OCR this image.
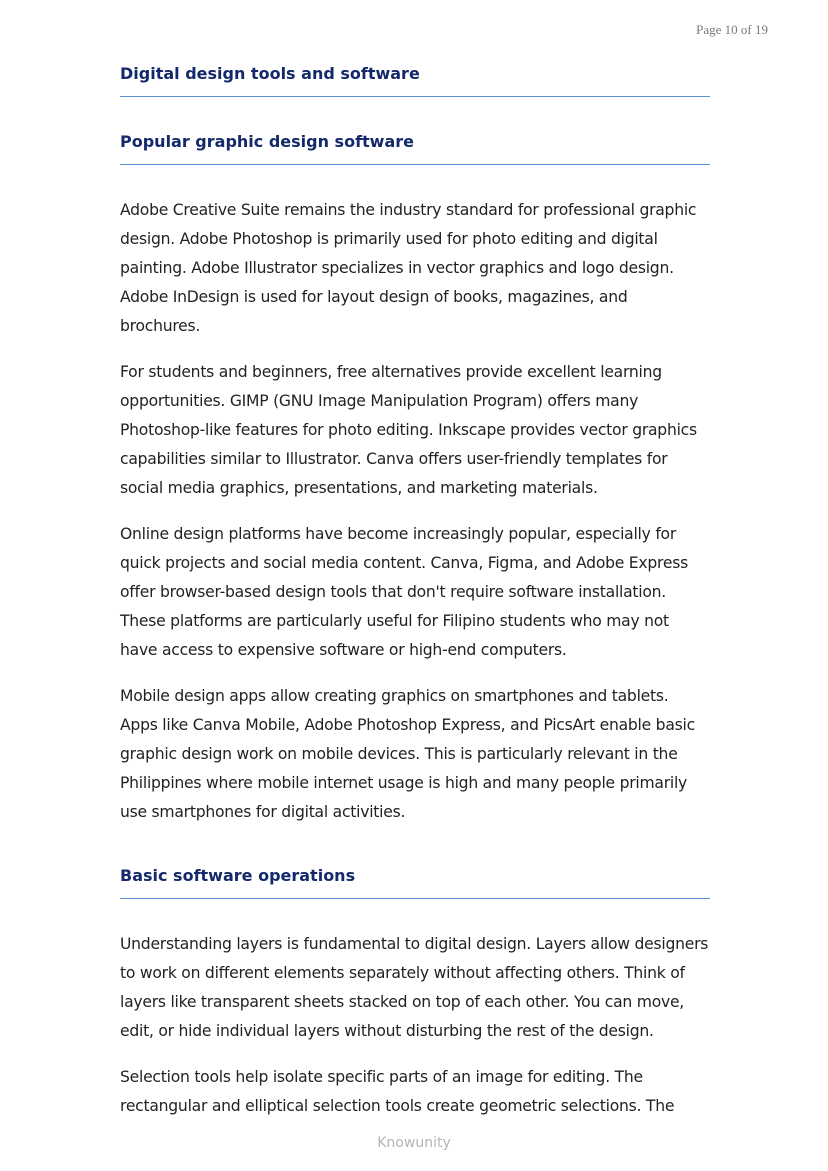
Page 10 of 19
Digital design tools and software
Popular graphic design software

Adobe Creative Suite remains the industry standard for professional graphic design. Adobe Photoshop is primarily used for photo editing and digital painting. Adobe Illustrator specializes in vector graphics and logo design. Adobe InDesign is used for layout design of books, magazines, and brochures.

For students and beginners, free alternatives provide excellent learning opportunities. GIMP (GNU Image Manipulation Program) offers many Photoshop-like features for photo editing. Inkscape provides vector graphics capabilities similar to Illustrator. Canva offers user-friendly templates for social media graphics, presentations, and marketing materials.

Online design platforms have become increasingly popular, especially for quick projects and social media content. Canva, Figma, and Adobe Express offer browser-based design tools that don't require software installation. These platforms are particularly useful for Filipino students who may not have access to expensive software or high-end computers.

Mobile design apps allow creating graphics on smartphones and tablets. Apps like Canva Mobile, Adobe Photoshop Express, and PicsArt enable basic graphic design work on mobile devices. This is particularly relevant in the Philippines where mobile internet usage is high and many people primarily use smartphones for digital activities.

Basic software operations

Understanding layers is fundamental to digital design. Layers allow designers to work on different elements separately without affecting others. Think of layers like transparent sheets stacked on top of each other. You can move, edit, or hide individual layers without disturbing the rest of the design.

Selection tools help isolate specific parts of an image for editing. The rectangular and elliptical selection tools create geometric selections. The

Knowunity
